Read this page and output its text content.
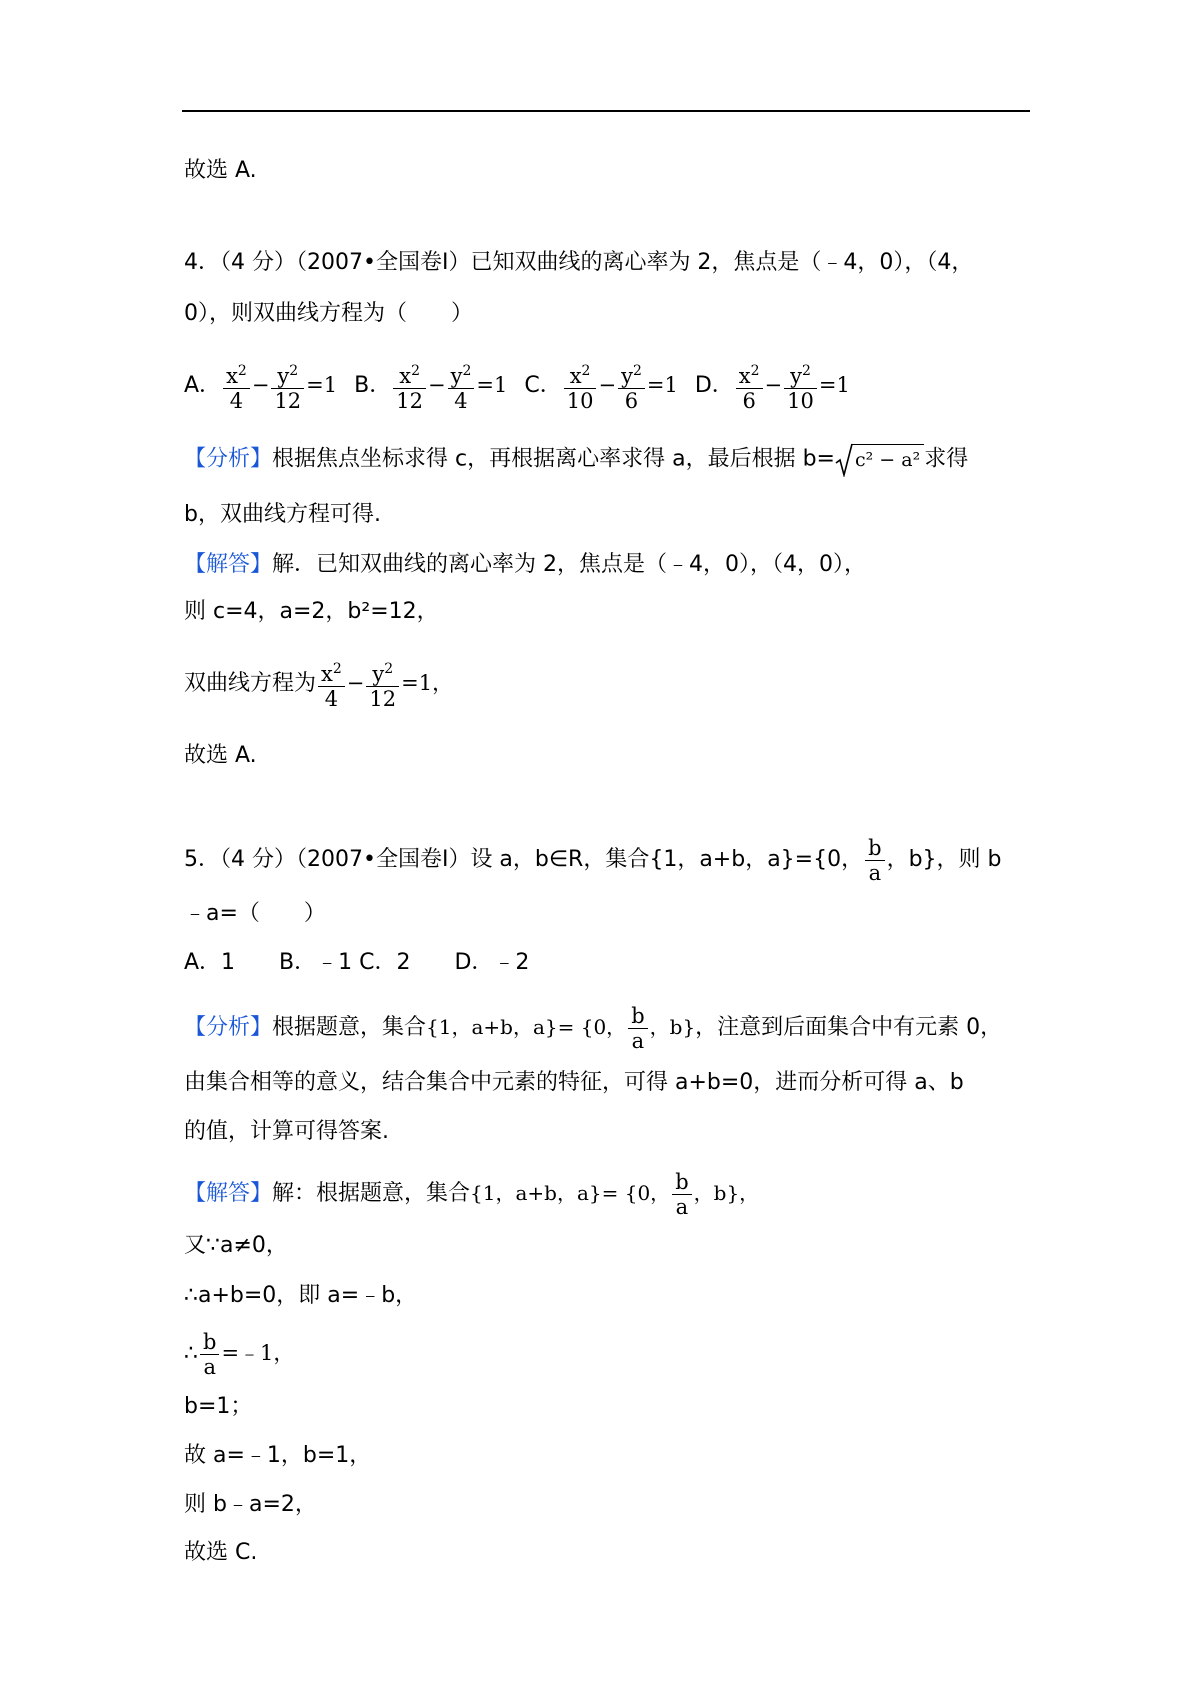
故选 A.
4．（4 分）（2007•全国卷Ⅰ）已知双曲线的离心率为 2，焦点是（﹣4，0），（4，
0），则双曲线方程为（　　）
A． $\frac{x^2}{4} - \frac{y^2}{12} =1$ B． $\frac{x^2}{12} - \frac{y^2}{4} =1$ C． $\frac{x^2}{10} - \frac{y^2}{6} =1$ D． $\frac{x^2}{6} - \frac{y^2}{10} =1$
【分析】根据焦点坐标求得 c，再根据离心率求得 a，最后根据 b= c² − a² 求得
b，双曲线方程可得.
【解答】解．已知双曲线的离心率为 2，焦点是（﹣4，0），（4，0），
则 c=4，a=2，b²=12，
双曲线方程为 $\frac{x^2}{4} - \frac{y^2}{12} =1$，
故选 A.
5．（4 分）（2007•全国卷Ⅰ）设 a，b∈R，集合{1，a+b，a}={0， $\frac{b}{a}$ ，b}，则 b
﹣a=（　　）
A．1　　B．﹣1 C．2　　D．﹣2
【分析】根据题意，集合{1，a+b，a}= {0， $\frac{b}{a}$ ，b}，注意到后面集合中有元素 0，
由集合相等的意义，结合集合中元素的特征，可得 a+b=0，进而分析可得 a、b
的值，计算可得答案.
【解答】解：根据题意，集合{1，a+b，a}= {0， $\frac{b}{a}$ ，b}，
又∵a≠0，
∴a+b=0，即 a=﹣b，
∴ $\frac{b}{a}$ =﹣1，
b=1；
故 a=﹣1，b=1，
则 b﹣a=2，
故选 C.
